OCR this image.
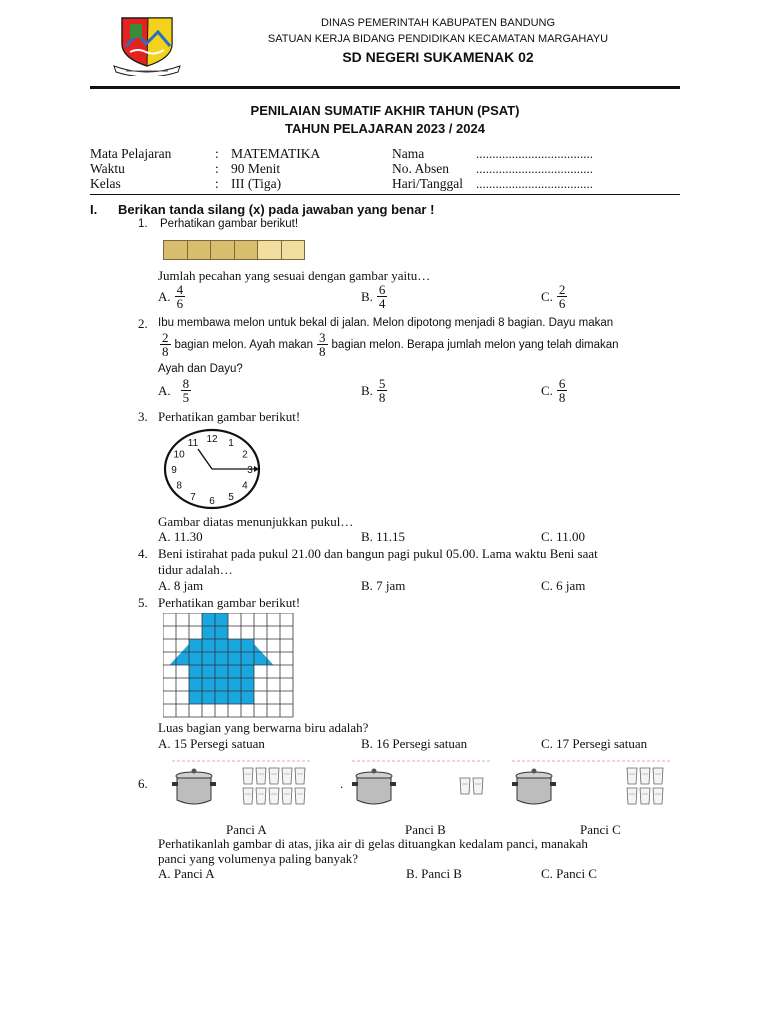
DINAS PEMERINTAH KABUPATEN BANDUNG
SATUAN KERJA BIDANG PENDIDIKAN KECAMATAN MARGAHAYU
SD NEGERI SUKAMENAK 02
PENILAIAN SUMATIF AKHIR TAHUN (PSAT)
TAHUN PELAJARAN 2023 / 2024
Mata Pelajaran	: MATEMATIKA
Waktu	: 90 Menit
Kelas	: III (Tiga)
Nama	....................................
No. Absen ....................................
Hari/Tanggal ....................................
I. Berikan tanda silang (x) pada jawaban yang benar !
1. Perhatikan gambar berikut!
Jumlah pecahan yang sesuai dengan gambar yaitu…
A. $\frac{4}{6}$	B. $\frac{6}{4}$	C. $\frac{2}{6}$
2. Ibu membawa melon untuk bekal di jalan. Melon dipotong menjadi 8 bagian. Dayu makan
$\frac{2}{8}$ bagian melon. Ayah makan $\frac{3}{8}$ bagian melon. Berapa jumlah melon yang telah dimakan
Ayah dan Dayu?
A. $\frac{8}{5}$	B. $\frac{5}{8}$	C. $\frac{6}{8}$
3. Perhatikan gambar berikut!
12 1
2
3
4
5
6
7
8
9
10
11
Gambar diatas menunjukkan pukul…
A. 11.30	B. 11.15	C. 11.00
4. Beni istirahat pada pukul 21.00 dan bangun pagi pukul 05.00. Lama waktu Beni saat
tidur adalah…
A. 8 jam	B. 7 jam	C. 6 jam
5. Perhatikan gambar berikut!
Luas bagian yang berwarna biru adalah?
A. 15 Persegi satuan	B. 16 Persegi satuan	C. 17 Persegi satuan
6.	.
Panci A	Panci B	Panci C
Perhatikanlah gambar di atas, jika air di gelas dituangkan kedalam panci, manakah
panci yang volumenya paling banyak?
A. Panci A	B. Panci B	C. Panci C
